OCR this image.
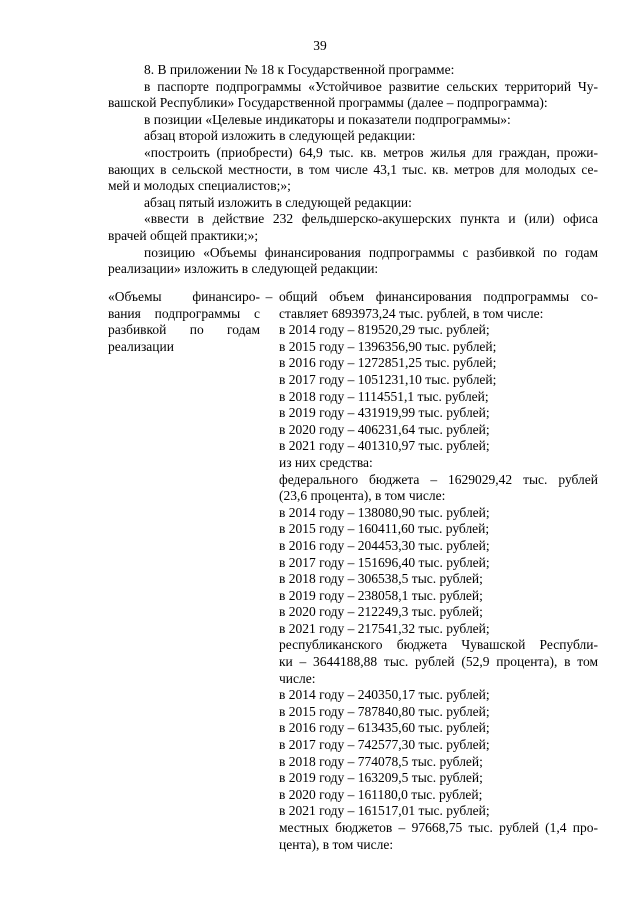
39

8. В приложении № 18 к Государственной программе:

в паспорте подпрограммы «Устойчивое развитие сельских территорий Чу-

вашской Республики» Государственной программы (далее – подпрограмма):

в позиции «Целевые индикаторы и показатели подпрограммы»:

абзац второй изложить в следующей редакции:

«построить (приобрести) 64,9 тыс. кв. метров жилья для граждан, прожи-

вающих в сельской местности, в том числе 43,1 тыс. кв. метров для молодых се-

мей и молодых специалистов;»;

абзац пятый изложить в следующей редакции:

«ввести в действие 232 фельдшерско-акушерских пункта и (или) офиса

врачей общей практики;»;

позицию «Объемы финансирования подпрограммы с разбивкой по годам

реализации» изложить в следующей редакции:

«Объемы финансиро-

вания подпрограммы с

разбивкой по годам

реализации

– общий объем финансирования подпрограммы со-

ставляет 6893973,24 тыс. рублей, в том числе:

в 2014 году – 819520,29 тыс. рублей;

в 2015 году – 1396356,90 тыс. рублей;

в 2016 году – 1272851,25 тыс. рублей;

в 2017 году – 1051231,10 тыс. рублей;

в 2018 году – 1114551,1 тыс. рублей;

в 2019 году – 431919,99 тыс. рублей;

в 2020 году – 406231,64 тыс. рублей;

в 2021 году – 401310,97 тыс. рублей;

из них средства:

федерального бюджета – 1629029,42 тыс. рублей

(23,6 процента), в том числе:

в 2014 году – 138080,90 тыс. рублей;

в 2015 году – 160411,60 тыс. рублей;

в 2016 году – 204453,30 тыс. рублей;

в 2017 году – 151696,40 тыс. рублей;

в 2018 году – 306538,5 тыс. рублей;

в 2019 году – 238058,1 тыс. рублей;

в 2020 году – 212249,3 тыс. рублей;

в 2021 году – 217541,32 тыс. рублей;

республиканского бюджета Чувашской Республи-

ки – 3644188,88 тыс. рублей (52,9 процента), в том

числе:

в 2014 году – 240350,17 тыс. рублей;

в 2015 году – 787840,80 тыс. рублей;

в 2016 году – 613435,60 тыс. рублей;

в 2017 году – 742577,30 тыс. рублей;

в 2018 году – 774078,5 тыс. рублей;

в 2019 году – 163209,5 тыс. рублей;

в 2020 году – 161180,0 тыс. рублей;

в 2021 году – 161517,01 тыс. рублей;

местных бюджетов – 97668,75 тыс. рублей (1,4 про-

цента), в том числе:
